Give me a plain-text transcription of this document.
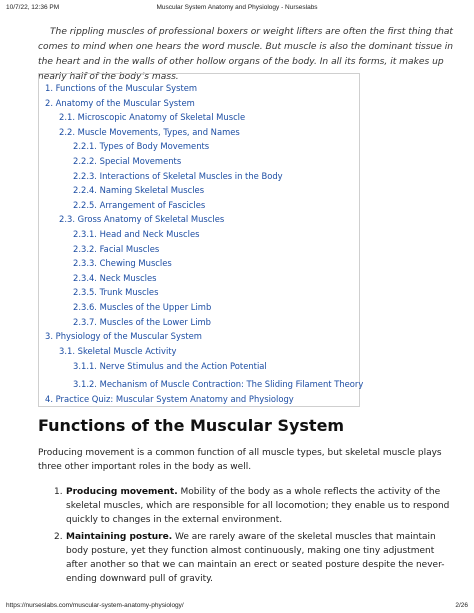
10/7/22, 12:36 PM	Muscular System Anatomy and Physiology - Nurseslabs

The rippling muscles of professional boxers or weight lifters are often the first thing that comes to mind when one hears the word muscle. But muscle is also the dominant tissue in the heart and in the walls of other hollow organs of the body. In all its forms, it makes up nearly half of the body’s mass.

1. Functions of the Muscular System
2. Anatomy of the Muscular System
2.1. Microscopic Anatomy of Skeletal Muscle
2.2. Muscle Movements, Types, and Names
2.2.1. Types of Body Movements
2.2.2. Special Movements
2.2.3. Interactions of Skeletal Muscles in the Body
2.2.4. Naming Skeletal Muscles
2.2.5. Arrangement of Fascicles
2.3. Gross Anatomy of Skeletal Muscles
2.3.1. Head and Neck Muscles
2.3.2. Facial Muscles
2.3.3. Chewing Muscles
2.3.4. Neck Muscles
2.3.5. Trunk Muscles
2.3.6. Muscles of the Upper Limb
2.3.7. Muscles of the Lower Limb
3. Physiology of the Muscular System
3.1. Skeletal Muscle Activity
3.1.1. Nerve Stimulus and the Action Potential
3.1.2. Mechanism of Muscle Contraction: The Sliding Filament Theory
4. Practice Quiz: Muscular System Anatomy and Physiology
Functions of the Muscular System

Producing movement is a common function of all muscle types, but skeletal muscle plays three other important roles in the body as well.

1. Producing movement. Mobility of the body as a whole reflects the activity of the skeletal muscles, which are responsible for all locomotion; they enable us to respond quickly to changes in the external environment.
2. Maintaining posture. We are rarely aware of the skeletal muscles that maintain body posture, yet they function almost continuously, making one tiny adjustment after another so that we can maintain an erect or seated posture despite the never-ending downward pull of gravity.
https://nurseslabs.com/muscular-system-anatomy-physiology/	2/26
